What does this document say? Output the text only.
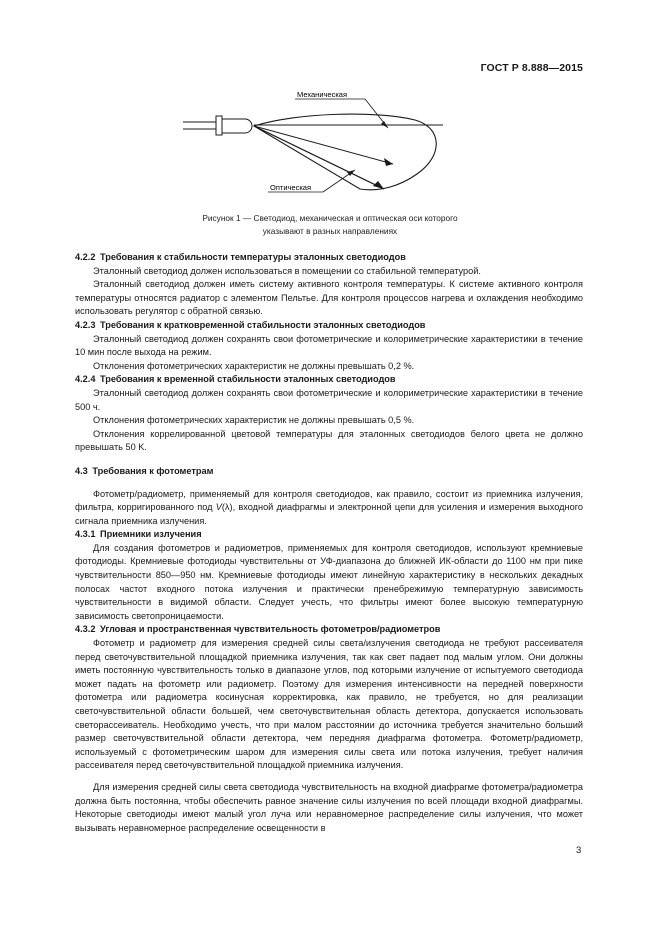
ГОСТ Р 8.888—2015
Механическая
Оптическая
Рисунок 1 — Светодиод, механическая и оптическая оси которого
указывают в разных направлениях

4.2.2 Требования к стабильности температуры эталонных светодиодов

Эталонный светодиод должен использоваться в помещении со стабильной температурой.

Эталонный светодиод должен иметь систему активного контроля температуры. К системе активного контроля температуры относятся радиатор с элементом Пельтье. Для контроля процессов нагрева и охлаждения необходимо использовать регулятор с обратной связью.

4.2.3 Требования к кратковременной стабильности эталонных светодиодов

Эталонный светодиод должен сохранять свои фотометрические и колориметрические характеристики в течение 10 мин после выхода на режим.

Отклонения фотометрических характеристик не должны превышать 0,2 %.

4.2.4 Требования к временной стабильности эталонных светодиодов

Эталонный светодиод должен сохранять свои фотометрические и колориметрические характеристики в течение 500 ч.

Отклонения фотометрических характеристик не должны превышать 0,5 %.

Отклонения коррелированной цветовой температуры для эталонных светодиодов белого цвета не должно превышать 50 K.

4.3 Требования к фотометрам

Фотометр/радиометр, применяемый для контроля светодиодов, как правило, состоит из приемника излучения, фильтра, корригированного под V(λ), входной диафрагмы и электронной цепи для усиления и измерения выходного сигнала приемника излучения.

4.3.1 Приемники излучения

Для создания фотометров и радиометров, применяемых для контроля светодиодов, используют кремниевые фотодиоды. Кремниевые фотодиоды чувствительны от УФ-диапазона до ближней ИК-области до 1100 нм при пике чувствительности 850—950 нм. Кремниевые фотодиоды имеют линейную характеристику в нескольких декадных полосах частот входного потока излучения и практически пренебрежимую температурную зависимость чувствительности в видимой области. Следует учесть, что фильтры имеют более высокую температурную зависимость светопроницаемости.

4.3.2 Угловая и пространственная чувствительность фотометров/радиометров

Фотометр и радиометр для измерения средней силы света/излучения светодиода не требуют рассеивателя перед светочувствительной площадкой приемника излучения, так как свет падает под малым углом. Они должны иметь постоянную чувствительность только в диапазоне углов, под которыми излучение от испытуемого светодиода может падать на фотометр или радиометр. Поэтому для измерения интенсивности на передней поверхности фотометра или радиометра косинусная корректировка, как правило, не требуется, но для реализации светочувствительной области большей, чем светочувствительная область детектора, допускается использовать светорассеиватель. Необходимо учесть, что при малом расстоянии до источника требуется значительно больший размер светочувствительной области детектора, чем передняя диафрагма фотометра. Фотометр/радиометр, используемый с фотометрическим шаром для измерения силы света или потока излучения, требует наличия рассеивателя перед светочувствительной площадкой приемника излучения.

Для измерения средней силы света светодиода чувствительность на входной диафрагме фотометра/радиометра должна быть постоянна, чтобы обеспечить равное значение силы излучения по всей площади входной диафрагмы. Некоторые светодиоды имеют малый угол луча или неравномерное распределение силы излучения, что может вызывать неравномерное распределение освещенности в

3
